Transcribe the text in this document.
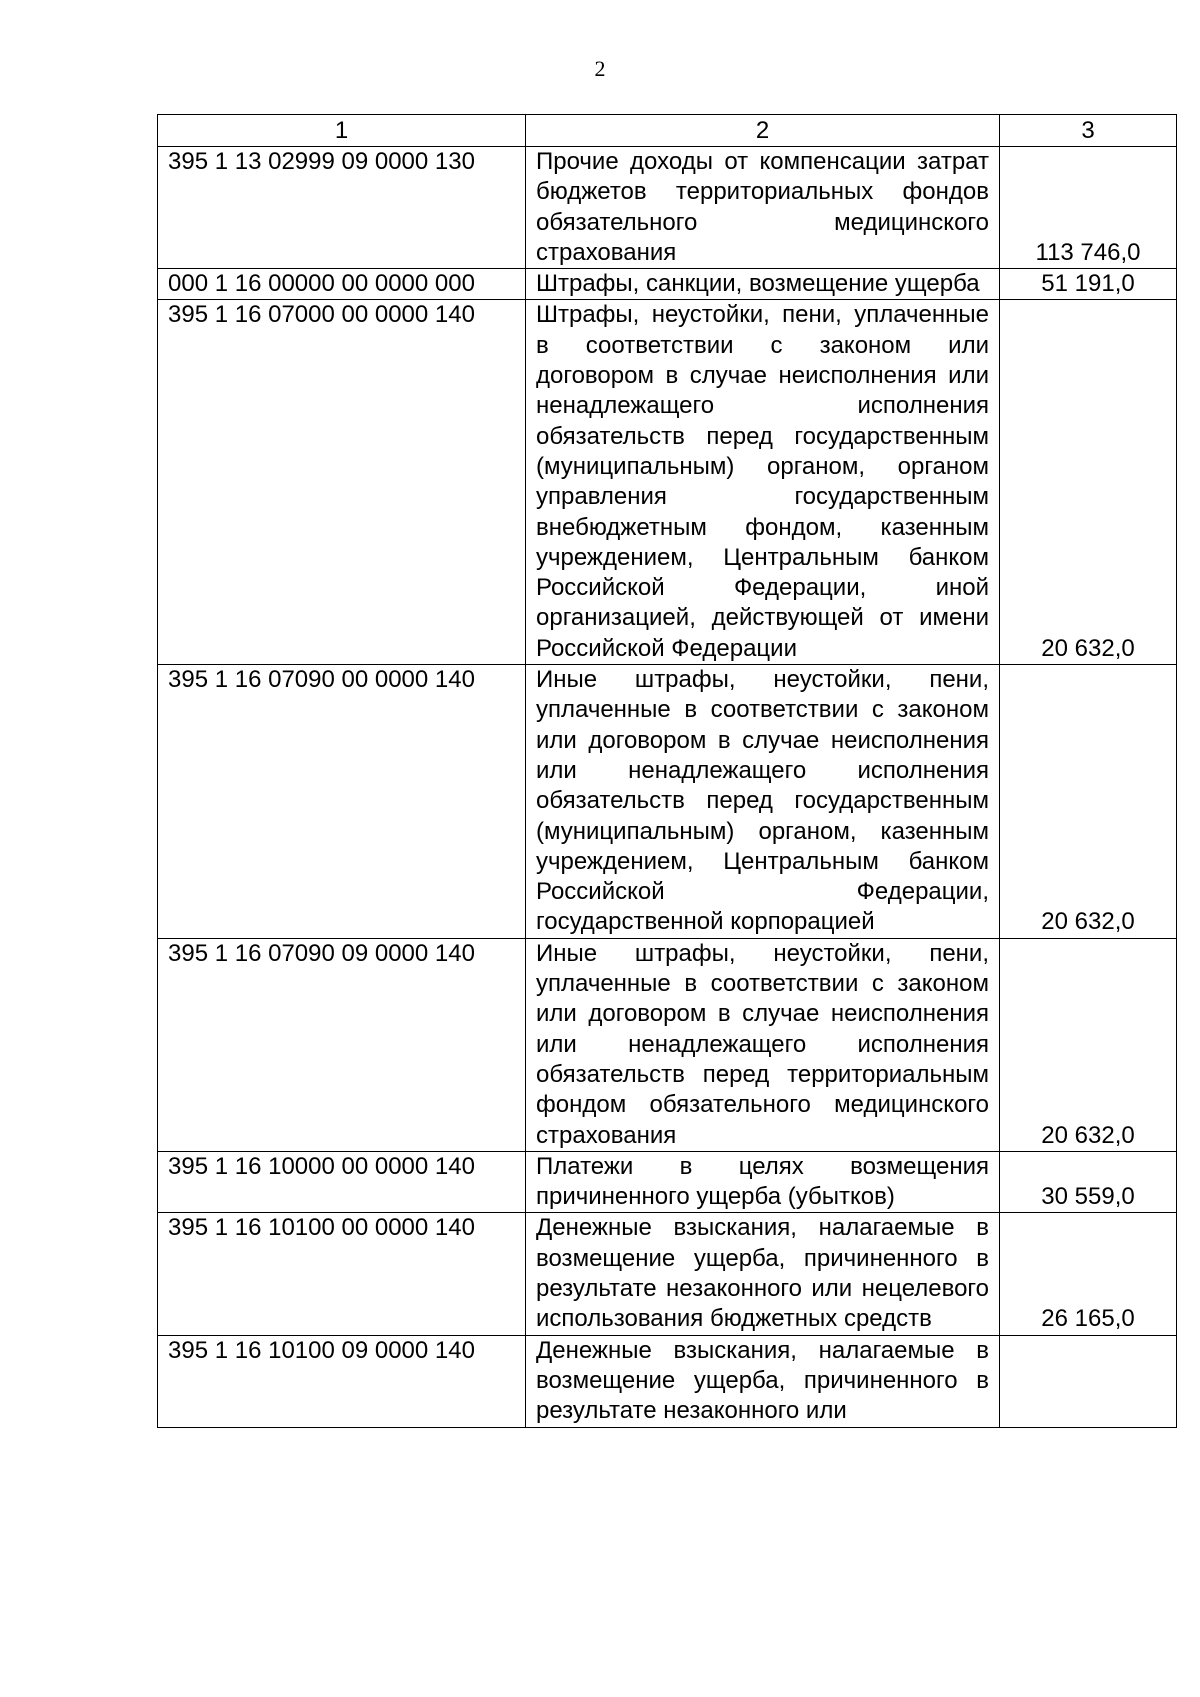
2
1	2	3
395 1 13 02999 09 0000 130	Прочие доходы от компенсации затрат бюджетов территориальных фондов обязательного медицинского страхования	113 746,0
000 1 16 00000 00 0000 000	Штрафы, санкции, возмещение ущерба	51 191,0
395 1 16 07000 00 0000 140	Штрафы, неустойки, пени, уплаченные в соответствии с законом или договором в случае неисполнения или ненадлежащего исполнения обязательств перед государственным (муниципальным) органом, органом управления государственным внебюджетным фондом, казенным учреждением, Центральным банком Российской Федерации, иной организацией, действующей от имени Российской Федерации	20 632,0
395 1 16 07090 00 0000 140	Иные штрафы, неустойки, пени, уплаченные в соответствии с законом или договором в случае неисполнения или ненадлежащего исполнения обязательств перед государственным (муниципальным) органом, казенным учреждением, Центральным банком Российской Федерации, государственной корпорацией	20 632,0
395 1 16 07090 09 0000 140	Иные штрафы, неустойки, пени, уплаченные в соответствии с законом или договором в случае неисполнения или ненадлежащего исполнения обязательств перед территориальным фондом обязательного медицинского страхования	20 632,0
395 1 16 10000 00 0000 140	Платежи в целях возмещения причиненного ущерба (убытков)	30 559,0
395 1 16 10100 00 0000 140	Денежные взыскания, налагаемые в возмещение ущерба, причиненного в результате незаконного или нецелевого использования бюджетных средств	26 165,0
395 1 16 10100 09 0000 140	Денежные взыскания, налагаемые в возмещение ущерба, причиненного в результате незаконного или	
